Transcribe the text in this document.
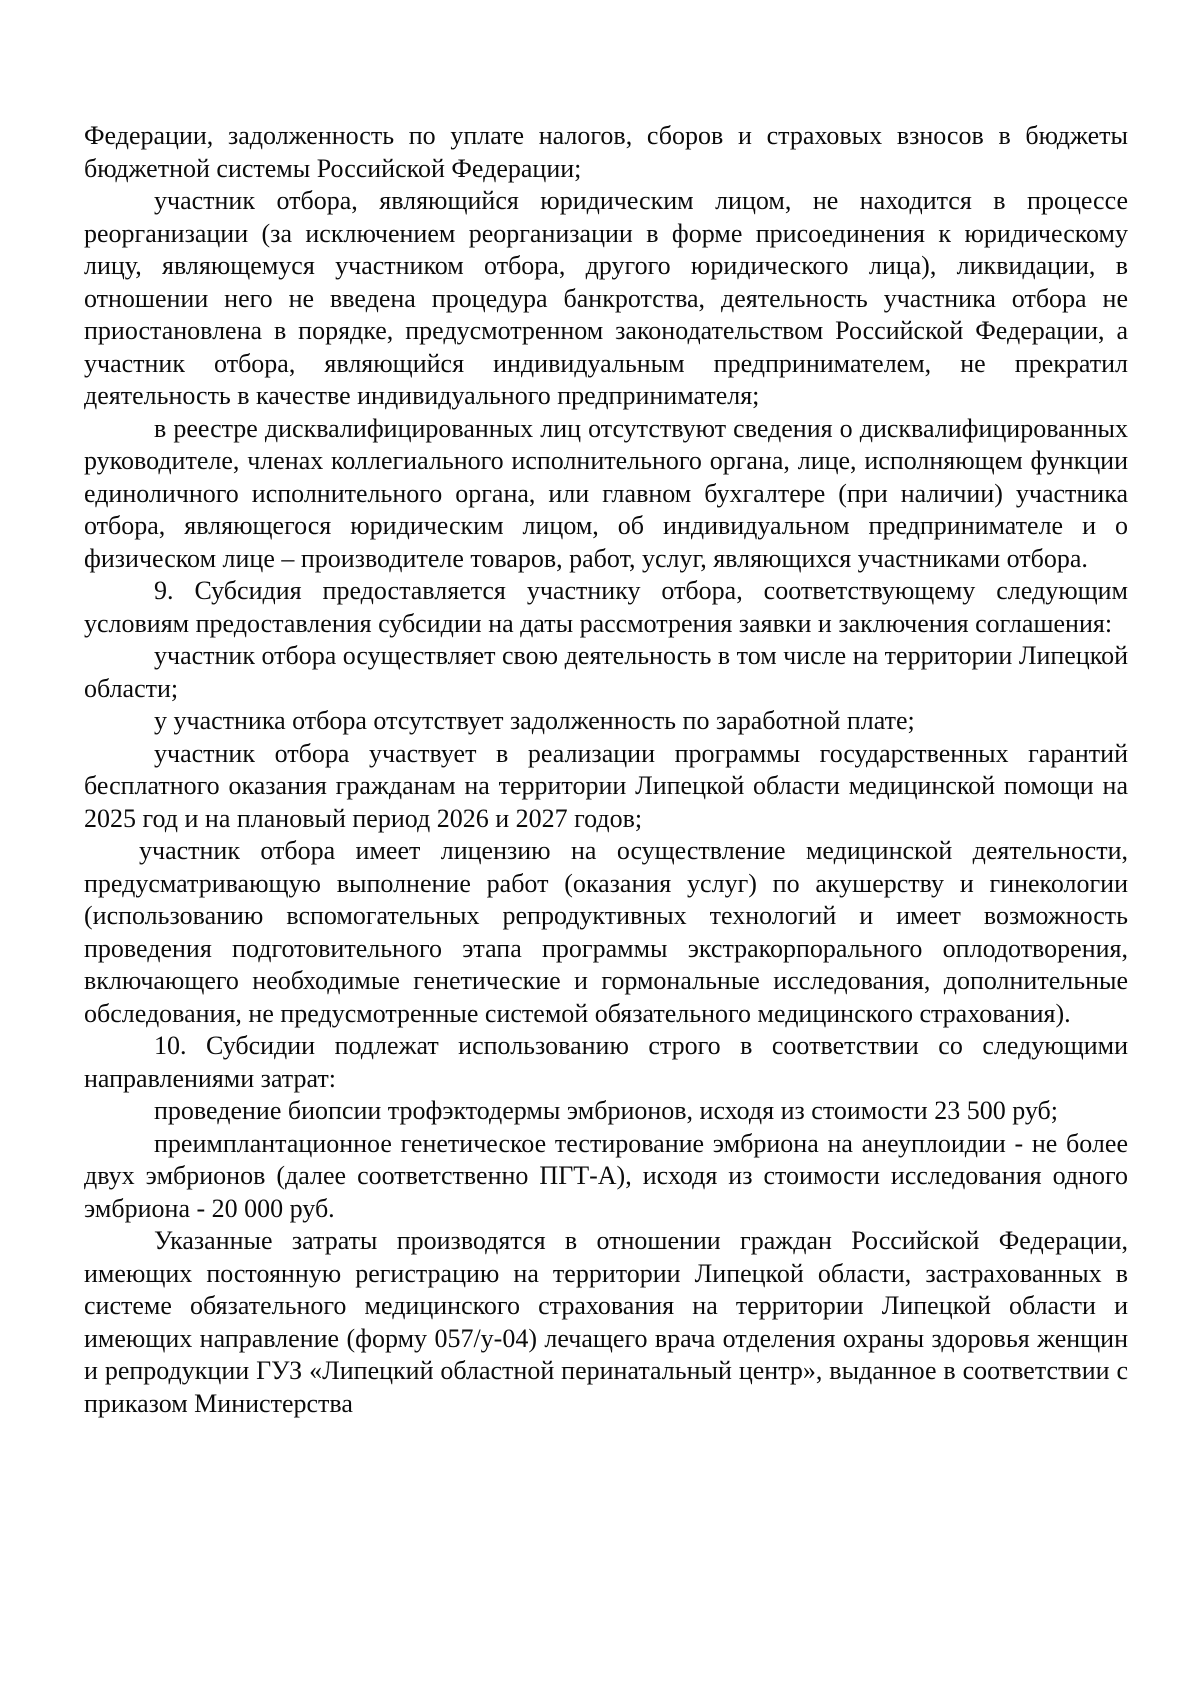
Федерации, задолженность по уплате налогов, сборов и страховых взносов в бюджеты бюджетной системы Российской Федерации;

участник отбора, являющийся юридическим лицом, не находится в процессе реорганизации (за исключением реорганизации в форме присоединения к юридическому лицу, являющемуся участником отбора, другого юридического лица), ликвидации, в отношении него не введена процедура банкротства, деятельность участника отбора не приостановлена в порядке, предусмотренном законодательством Российской Федерации, а участник отбора, являющийся индивидуальным предпринимателем, не прекратил деятельность в качестве индивидуального предпринимателя;

в реестре дисквалифицированных лиц отсутствуют сведения о дисквалифицированных руководителе, членах коллегиального исполнительного органа, лице, исполняющем функции единоличного исполнительного органа, или главном бухгалтере (при наличии) участника отбора, являющегося юридическим лицом, об индивидуальном предпринимателе и о физическом лице – производителе товаров, работ, услуг, являющихся участниками отбора.

9. Субсидия предоставляется участнику отбора, соответствующему следующим условиям предоставления субсидии на даты рассмотрения заявки и заключения соглашения:

участник отбора осуществляет свою деятельность в том числе на территории Липецкой области;

у участника отбора отсутствует задолженность по заработной плате;

участник отбора участвует в реализации программы государственных гарантий бесплатного оказания гражданам на территории Липецкой области медицинской помощи на 2025 год и на плановый период 2026 и 2027 годов;

участник отбора имеет лицензию на осуществление медицинской деятельности, предусматривающую выполнение работ (оказания услуг) по акушерству и гинекологии (использованию вспомогательных репродуктивных технологий и имеет возможность проведения подготовительного этапа программы экстракорпорального оплодотворения, включающего необходимые генетические и гормональные исследования, дополнительные обследования, не предусмотренные системой обязательного медицинского страхования).

10. Субсидии подлежат использованию строго в соответствии со следующими направлениями затрат:

проведение биопсии трофэктодермы эмбрионов, исходя из стоимости 23 500 руб;

преимплантационное генетическое тестирование эмбриона на анеуплоидии - не более двух эмбрионов (далее соответственно ПГТ-А), исходя из стоимости исследования одного эмбриона - 20 000 руб.

Указанные затраты производятся в отношении граждан Российской Федерации, имеющих постоянную регистрацию на территории Липецкой области, застрахованных в системе обязательного медицинского страхования на территории Липецкой области и имеющих направление (форму 057/у-04) лечащего врача отделения охраны здоровья женщин и репродукции ГУЗ «Липецкий областной перинатальный центр», выданное в соответствии с приказом Министерства
